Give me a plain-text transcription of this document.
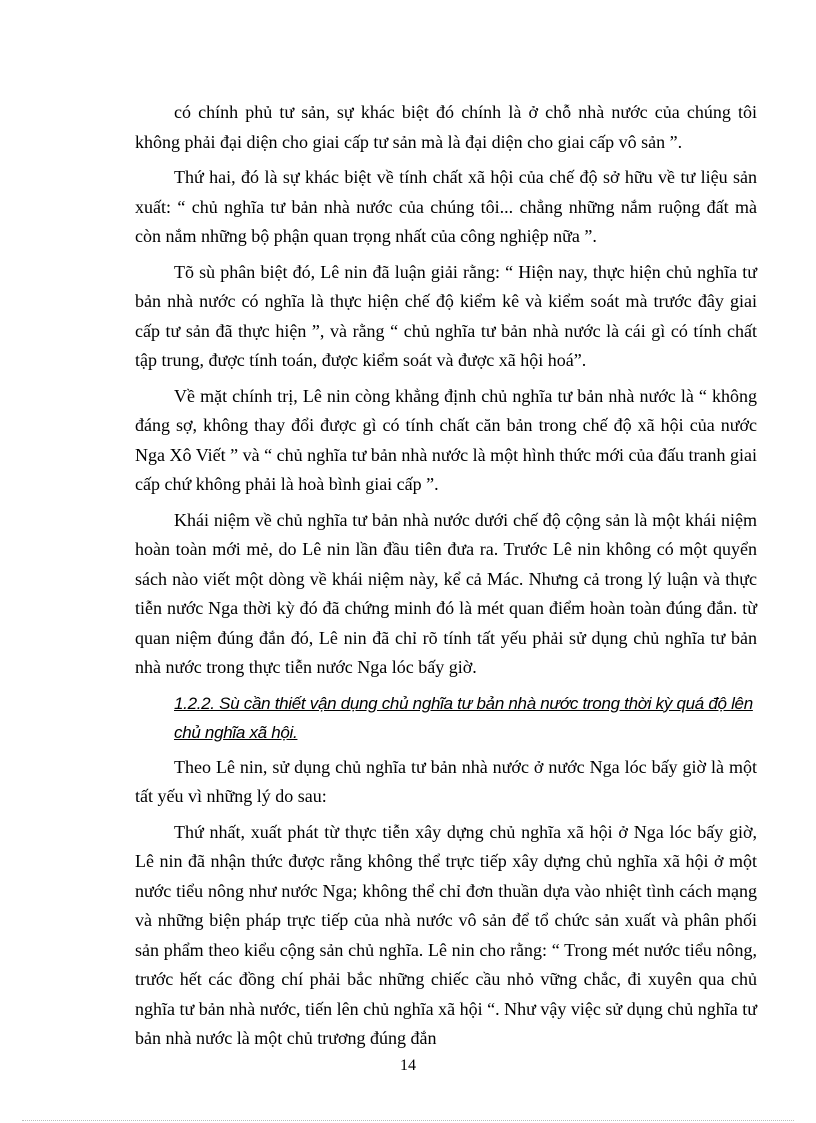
có chính phủ tư sản, sự khác biệt đó chính là ở chỗ nhà nước của chúng tôi không phải đại diện cho giai cấp tư sản mà là đại diện cho giai cấp vô sản ”.

Thứ hai, đó là sự khác biệt về tính chất xã hội của chế độ sở hữu về tư liệu sản xuất: “ chủ nghĩa tư bản nhà nước của chúng tôi... chẳng những nắm ruộng đất mà còn nắm những bộ phận quan trọng nhất của công nghiệp nữa ”.

Tõ sù phân biệt đó, Lê nin đã luận giải rằng: “ Hiện nay, thực hiện chủ nghĩa tư bản nhà nước có nghĩa là thực hiện chế độ kiểm kê và kiểm soát mà trước đây giai cấp tư sản đã thực hiện ”, và rằng “ chủ nghĩa tư bản nhà nước là cái gì có tính chất tập trung, được tính toán, được kiểm soát và được xã hội hoá”.

Về mặt chính trị, Lê nin còng khẳng định chủ nghĩa tư bản nhà nước là “ không đáng sợ, không thay đổi được gì có tính chất căn bản trong chế độ xã hội của nước Nga Xô Viết ” và “ chủ nghĩa tư bản nhà nước là một hình thức mới của đấu tranh giai cấp chứ không phải là hoà bình giai cấp ”.

Khái niệm về chủ nghĩa tư bản nhà nước dưới chế độ cộng sản là một khái niệm hoàn toàn mới mẻ, do Lê nin lần đầu tiên đưa ra. Trước Lê nin không có một quyển sách nào viết một dòng về khái niệm này, kể cả Mác. Nhưng cả trong lý luận và thực tiễn nước Nga thời kỳ đó đã chứng minh đó là mét quan điểm hoàn toàn đúng đắn. từ quan niệm đúng đắn đó, Lê nin đã chỉ rõ tính tất yếu phải sử dụng chủ nghĩa tư bản nhà nước trong thực tiễn nước Nga lóc bấy giờ.

1.2.2. Sù cần thiết vận dụng chủ nghĩa tư bản nhà nước trong thời kỳ quá độ lên chủ nghĩa xã hội.

Theo Lê nin, sử dụng chủ nghĩa tư bản nhà nước ở nước Nga lóc bấy giờ là một tất yếu vì những lý do sau:

Thứ nhất, xuất phát từ thực tiễn xây dựng chủ nghĩa xã hội ở Nga lóc bấy giờ, Lê nin đã nhận thức được rằng không thể trực tiếp xây dựng chủ nghĩa xã hội ở một nước tiểu nông như nước Nga; không thể chỉ đơn thuần dựa vào nhiệt tình cách mạng và những biện pháp trực tiếp của nhà nước vô sản để tổ chức sản xuất và phân phối sản phẩm theo kiểu cộng sản chủ nghĩa. Lê nin cho rằng: “ Trong mét nước tiểu nông, trước hết các đồng chí phải bắc những chiếc cầu nhỏ vững chắc, đi xuyên qua chủ nghĩa tư bản nhà nước, tiến lên chủ nghĩa xã hội “. Như vậy việc sử dụng chủ nghĩa tư bản nhà nước là một chủ trương đúng đắn

14
